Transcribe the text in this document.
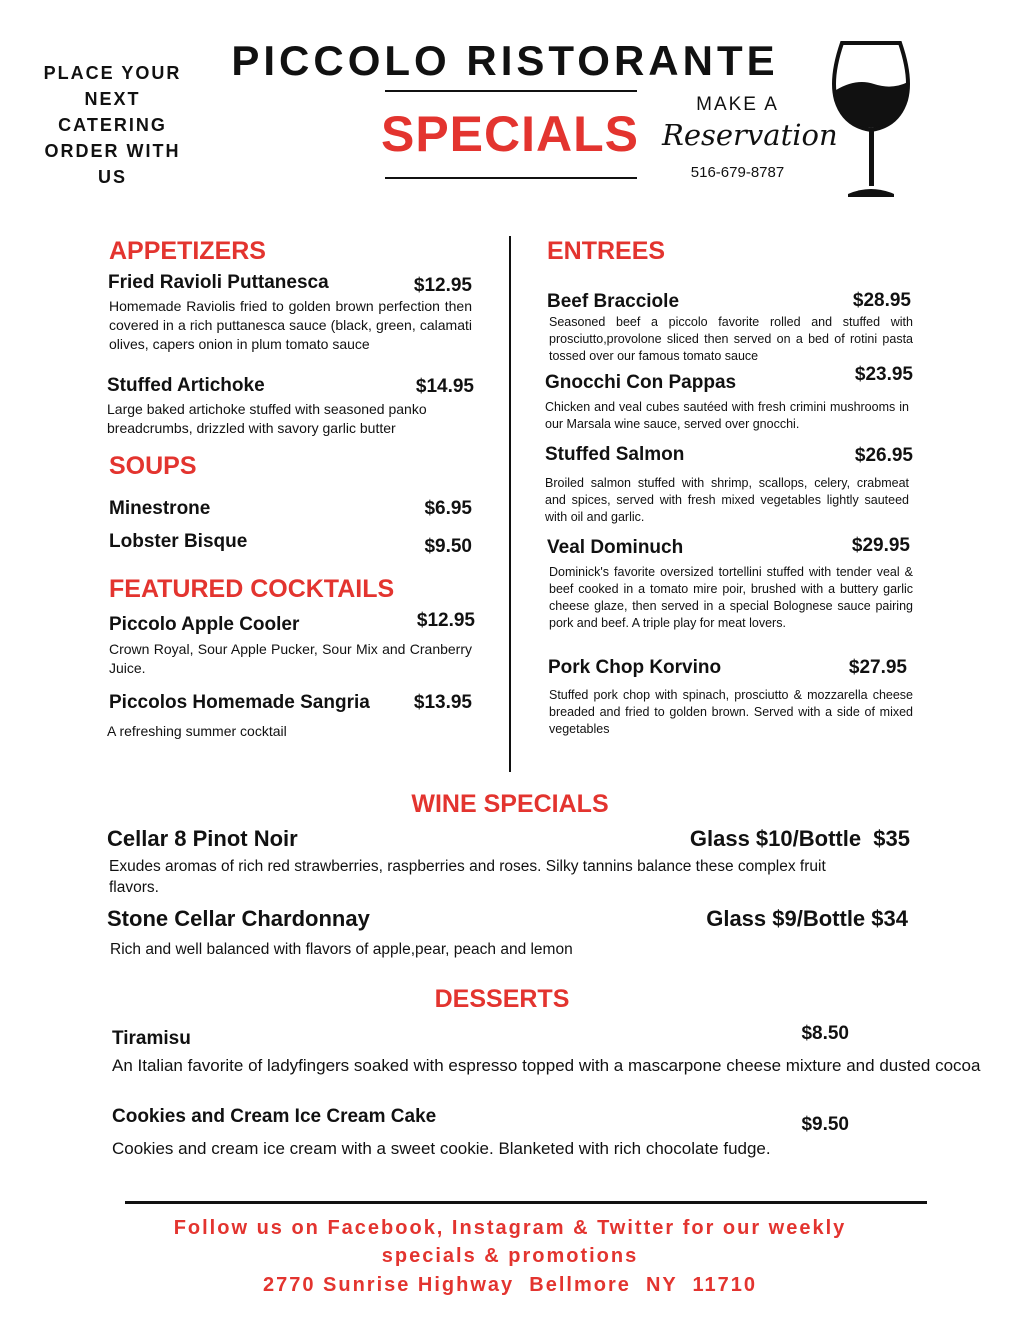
PLACE YOUR NEXT CATERING ORDER WITH US
PICCOLO RISTORANTE
SPECIALS
MAKE A
Reservation
516-679-8787
APPETIZERS
Fried Ravioli Puttanesca	$12.95
Homemade Raviolis fried to golden brown perfection then covered in a rich puttanesca sauce (black, green, calamati olives, capers onion in plum tomato sauce
Stuffed Artichoke	$14.95
Large baked artichoke stuffed with seasoned panko breadcrumbs, drizzled with savory garlic butter
SOUPS
Minestrone	$6.95
Lobster Bisque	$9.50
FEATURED COCKTAILS
Piccolo Apple Cooler	$12.95
Crown Royal, Sour Apple Pucker, Sour Mix and Cranberry Juice.
Piccolos Homemade Sangria	$13.95
A refreshing summer cocktail
ENTREES
Beef Bracciole	$28.95
Seasoned beef a piccolo favorite rolled and stuffed with prosciutto,provolone sliced then served on a bed of rotini pasta tossed over our famous tomato sauce
Gnocchi Con Pappas	$23.95
Chicken and veal cubes sautéed with fresh crimini mushrooms in our Marsala wine sauce, served over gnocchi.
Stuffed Salmon	$26.95
Broiled salmon stuffed with shrimp, scallops, celery, crabmeat and spices, served with fresh mixed vegetables lightly sauteed with oil and garlic.
Veal Dominuch	$29.95
Dominick's favorite oversized tortellini stuffed with tender veal & beef cooked in a tomato mire poir, brushed with a buttery garlic cheese glaze, then served in a special Bolognese sauce pairing pork and beef. A triple play for meat lovers.
Pork Chop Korvino	$27.95
Stuffed pork chop with spinach, prosciutto & mozzarella cheese breaded and fried to golden brown. Served with a side of mixed vegetables
WINE SPECIALS
Cellar 8 Pinot Noir	Glass $10/Bottle  $35
Exudes aromas of rich red strawberries, raspberries and roses. Silky tannins balance these complex fruit flavors.
Stone Cellar Chardonnay	Glass $9/Bottle $34
Rich and well balanced with flavors of apple,pear, peach and lemon
DESSERTS
Tiramisu	$8.50
An Italian favorite of ladyfingers soaked with espresso topped with a mascarpone cheese mixture and dusted cocoa
Cookies and Cream Ice Cream Cake	$9.50
Cookies and cream ice cream with a sweet cookie. Blanketed with rich chocolate fudge.
Follow us on Facebook, Instagram & Twitter for our weekly
specials & promotions
2770 Sunrise Highway  Bellmore  NY  11710
